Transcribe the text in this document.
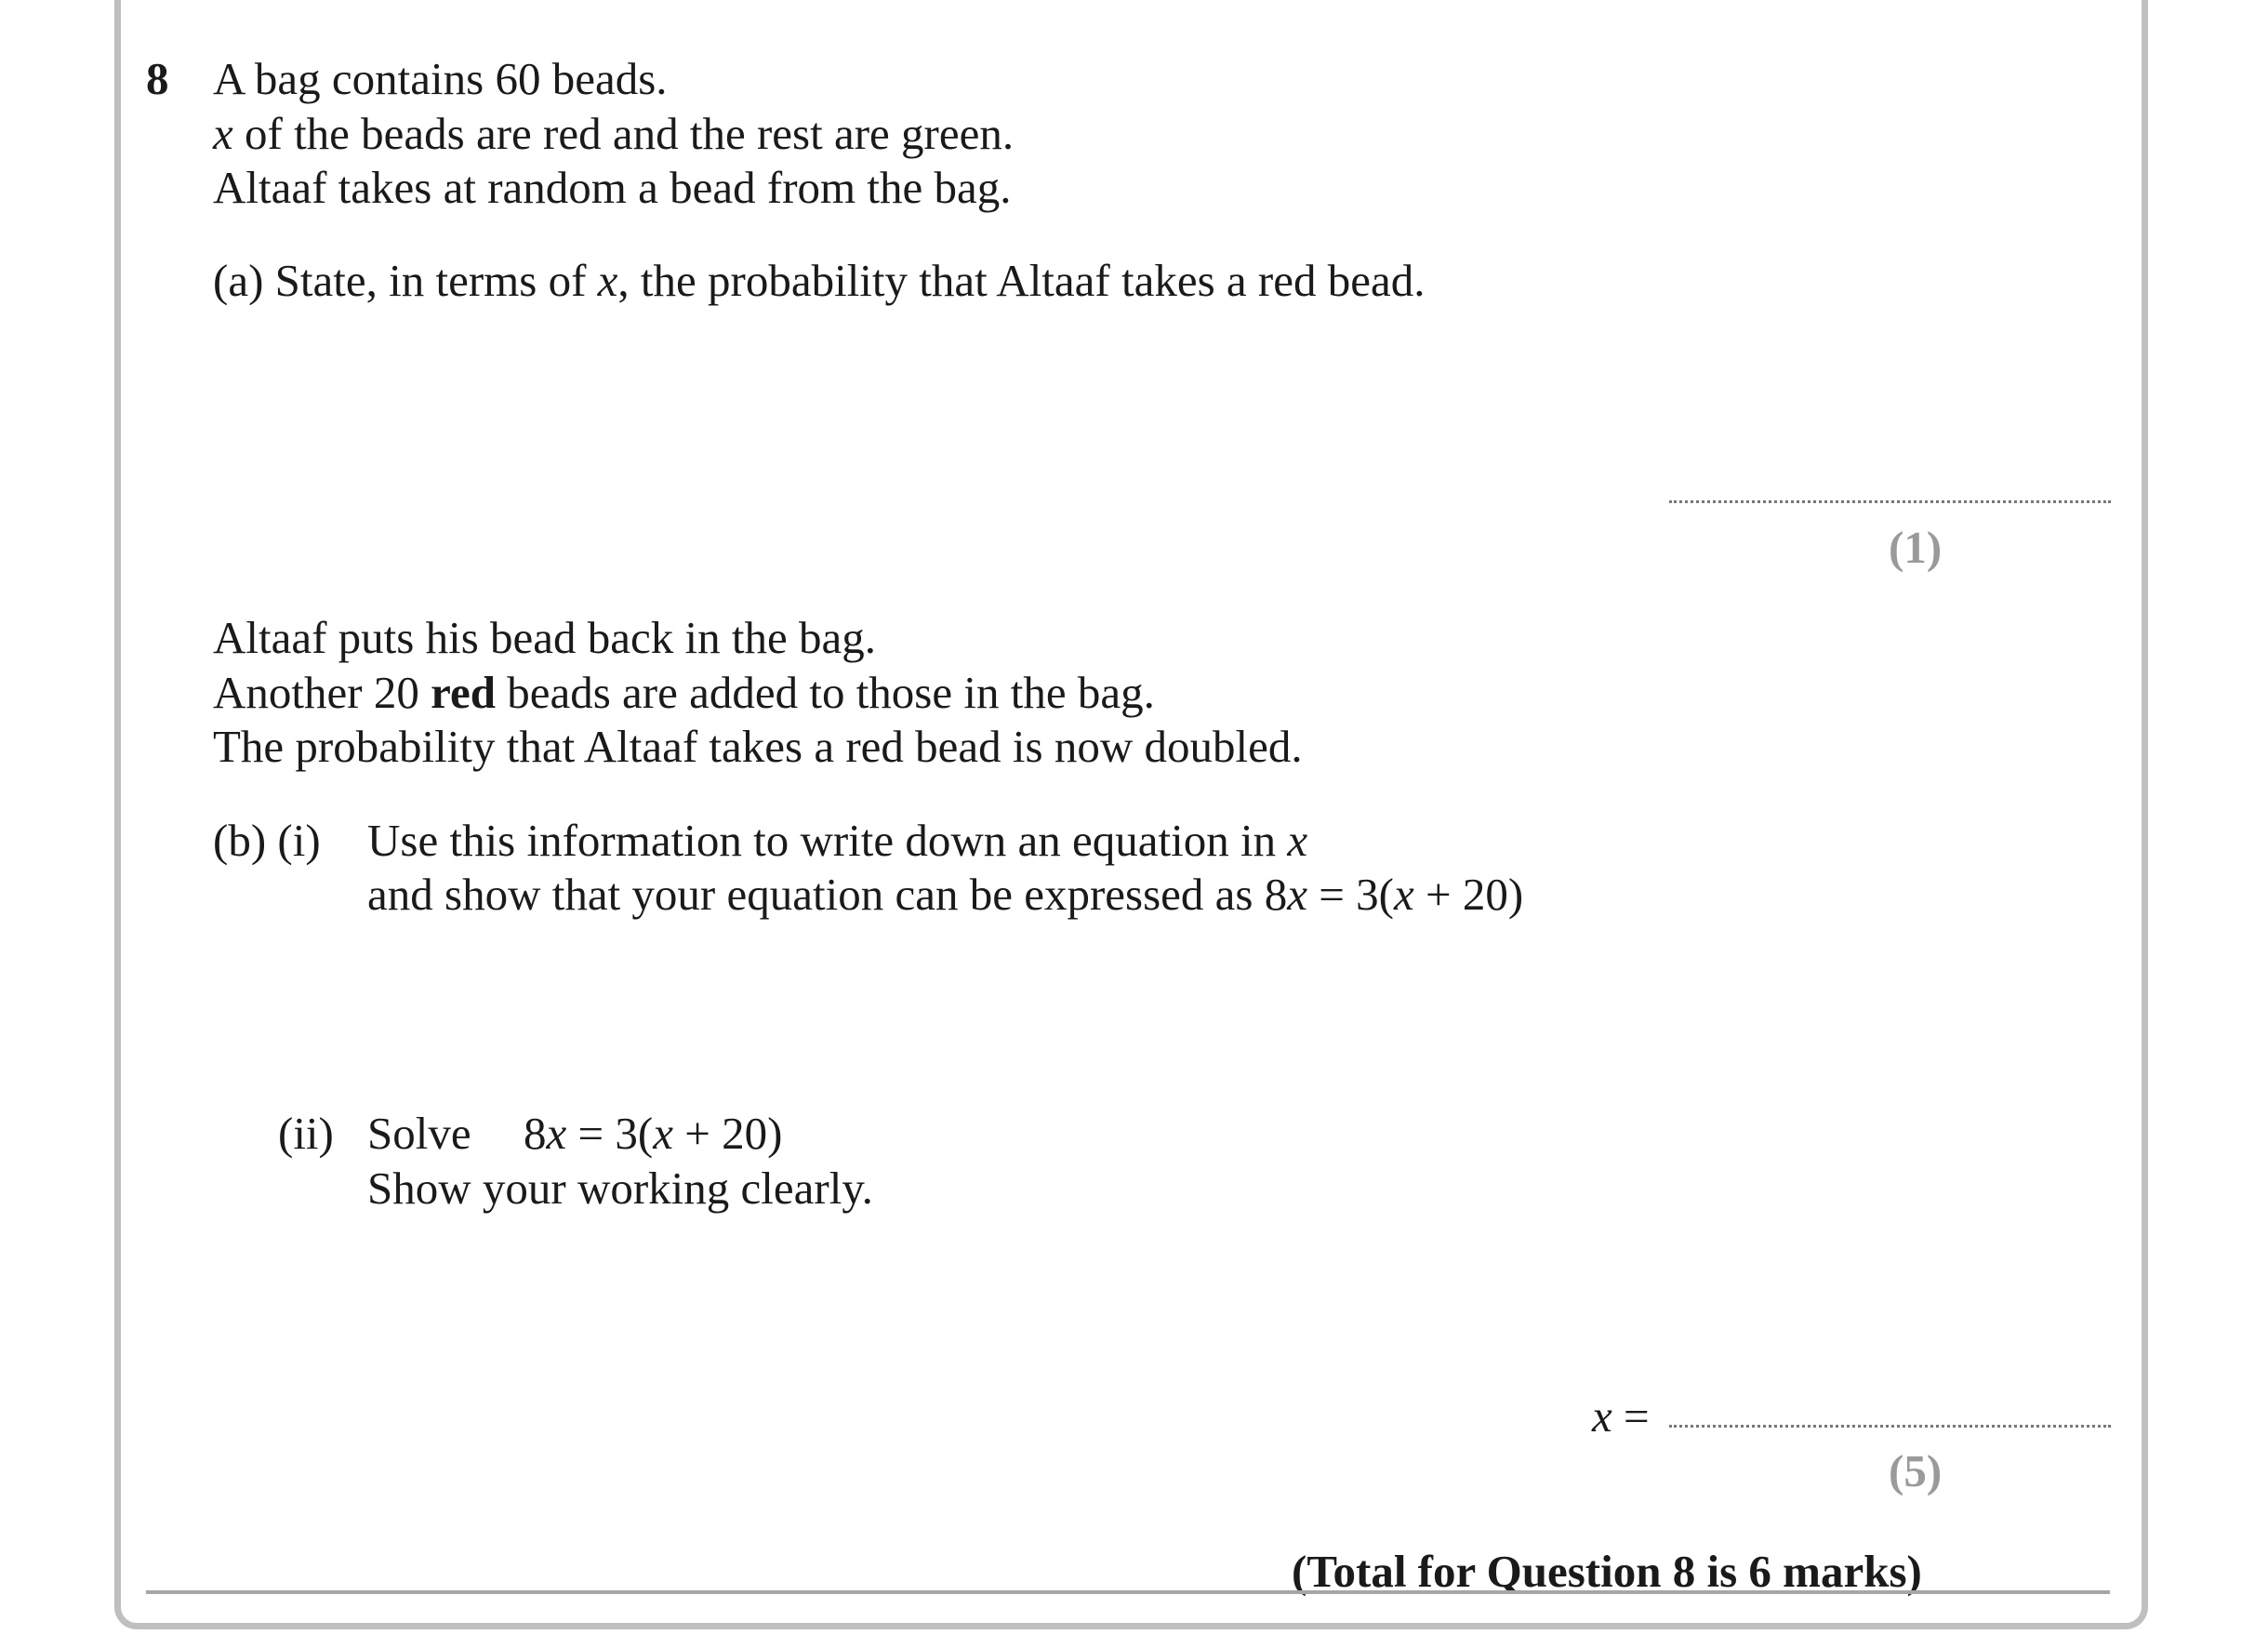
8 A bag contains 60 beads.
x of the beads are red and the rest are green.
Altaaf takes at random a bead from the bag.
(a) State, in terms of x, the probability that Altaaf takes a red bead.
(1)
Altaaf puts his bead back in the bag.
Another 20 red beads are added to those in the bag.
The probability that Altaaf takes a red bead is now doubled.
(b) (i) Use this information to write down an equation in x
and show that your equation can be expressed as 8x = 3(x + 20)
(ii) Solve 8x = 3(x + 20)
Show your working clearly.
x =
(5)
(Total for Question 8 is 6 marks)
